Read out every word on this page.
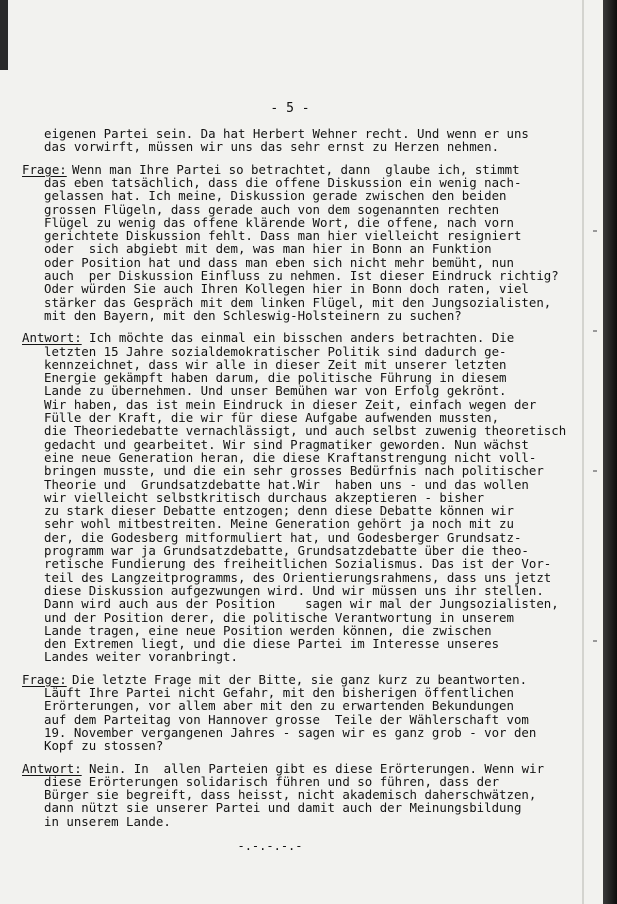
- 5 -
eigenen Partei sein. Da hat Herbert Wehner recht. Und wenn er uns
das vorwirft, müssen wir uns das sehr ernst zu Herzen nehmen.
Frage: Wenn man Ihre Partei so betrachtet, dann  glaube ich, stimmt
das eben tatsächlich, dass die offene Diskussion ein wenig nach-
gelassen hat. Ich meine, Diskussion gerade zwischen den beiden
grossen Flügeln, dass gerade auch von dem sogenannten rechten
Flügel zu wenig das offene klärende Wort, die offene, nach vorn
gerichtete Diskussion fehlt. Dass man hier vielleicht resigniert
oder  sich abgiebt mit dem, was man hier in Bonn an Funktion
oder Position hat und dass man eben sich nicht mehr bemüht, nun
auch  per Diskussion Einfluss zu nehmen. Ist dieser Eindruck richtig?
Oder würden Sie auch Ihren Kollegen hier in Bonn doch raten, viel
stärker das Gespräch mit dem linken Flügel, mit den Jungsozialisten,
mit den Bayern, mit den Schleswig-Holsteinern zu suchen?
Antwort: Ich möchte das einmal ein bisschen anders betrachten. Die
letzten 15 Jahre sozialdemokratischer Politik sind dadurch ge-
kennzeichnet, dass wir alle in dieser Zeit mit unserer letzten
Energie gekämpft haben darum, die politische Führung in diesem
Lande zu übernehmen. Und unser Bemühen war von Erfolg gekrönt.
Wir haben, das ist mein Eindruck in dieser Zeit, einfach wegen der
Fülle der Kraft, die wir für diese Aufgabe aufwenden mussten,
die Theoriedebatte vernachlässigt, und auch selbst zuwenig theoretisch
gedacht und gearbeitet. Wir sind Pragmatiker geworden. Nun wächst
eine neue Generation heran, die diese Kraftanstrengung nicht voll-
bringen musste, und die ein sehr grosses Bedürfnis nach politischer
Theorie und  Grundsatzdebatte hat.Wir  haben uns - und das wollen
wir vielleicht selbstkritisch durchaus akzeptieren - bisher
zu stark dieser Debatte entzogen; denn diese Debatte können wir
sehr wohl mitbestreiten. Meine Generation gehört ja noch mit zu
der, die Godesberg mitformuliert hat, und Godesberger Grundsatz-
programm war ja Grundsatzdebatte, Grundsatzdebatte über die theo-
retische Fundierung des freiheitlichen Sozialismus. Das ist der Vor-
teil des Langzeitprogramms, des Orientierungsrahmens, dass uns jetzt
diese Diskussion aufgezwungen wird. Und wir müssen uns ihr stellen.
Dann wird auch aus der Position    sagen wir mal der Jungsozialisten,
und der Position derer, die politische Verantwortung in unserem
Lande tragen, eine neue Position werden können, die zwischen
den Extremen liegt, und die diese Partei im Interesse unseres
Landes weiter voranbringt.
Frage: Die letzte Frage mit der Bitte, sie ganz kurz zu beantworten.
Läuft Ihre Partei nicht Gefahr, mit den bisherigen öffentlichen
Erörterungen, vor allem aber mit den zu erwartenden Bekundungen
auf dem Parteitag von Hannover grosse  Teile der Wählerschaft vom
19. November vergangenen Jahres - sagen wir es ganz grob - vor den
Kopf zu stossen?
Antwort: Nein. In  allen Parteien gibt es diese Erörterungen. Wenn wir
diese Erörterungen solidarisch führen und so führen, dass der
Bürger sie begreift, dass heisst, nicht akademisch daherschwätzen,
dann nützt sie unserer Partei und damit auch der Meinungsbildung
in unserem Lande.

-.-.-.-.-
